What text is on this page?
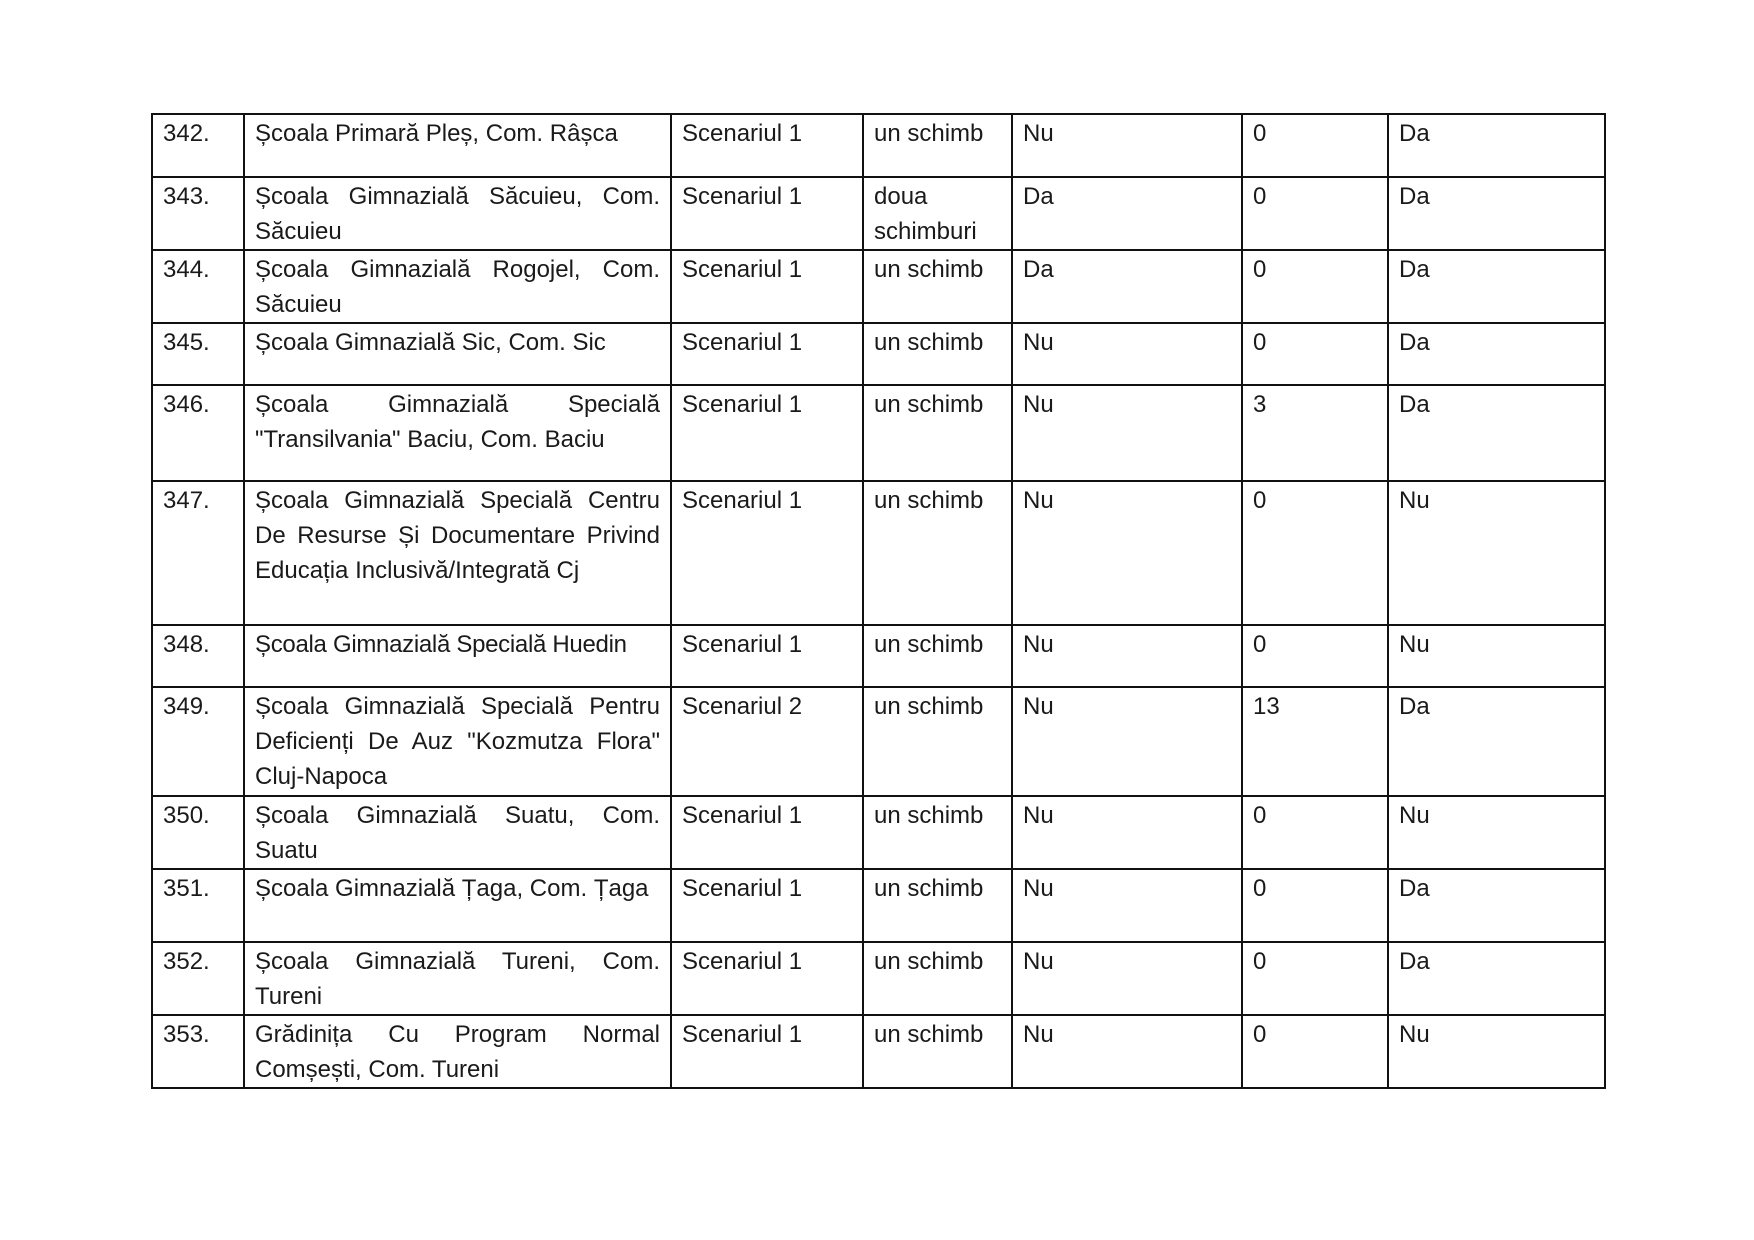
342.	Școala Primară Pleș, Com. Râșca	Scenariul 1	un schimb	Nu	0	Da
343.	Școala Gimnazială Săcuieu, Com. Săcuieu	Scenariul 1	doua schimburi	Da	0	Da
344.	Școala Gimnazială Rogojel, Com. Săcuieu	Scenariul 1	un schimb	Da	0	Da
345.	Școala Gimnazială Sic, Com. Sic	Scenariul 1	un schimb	Nu	0	Da
346.	Școala Gimnazială Specială "Transilvania" Baciu, Com. Baciu	Scenariul 1	un schimb	Nu	3	Da
347.	Școala Gimnazială Specială Centru De Resurse Și Documentare Privind Educația Inclusivă/Integrată Cj	Scenariul 1	un schimb	Nu	0	Nu
348.	Școala Gimnazială Specială Huedin	Scenariul 1	un schimb	Nu	0	Nu
349.	Școala Gimnazială Specială Pentru Deficienți De Auz "Kozmutza Flora" Cluj-Napoca	Scenariul 2	un schimb	Nu	13	Da
350.	Școala Gimnazială Suatu, Com. Suatu	Scenariul 1	un schimb	Nu	0	Nu
351.	Școala Gimnazială Țaga, Com. Țaga	Scenariul 1	un schimb	Nu	0	Da
352.	Școala Gimnazială Tureni, Com. Tureni	Scenariul 1	un schimb	Nu	0	Da
353.	Grădinița Cu Program Normal Comșești, Com. Tureni	Scenariul 1	un schimb	Nu	0	Nu
